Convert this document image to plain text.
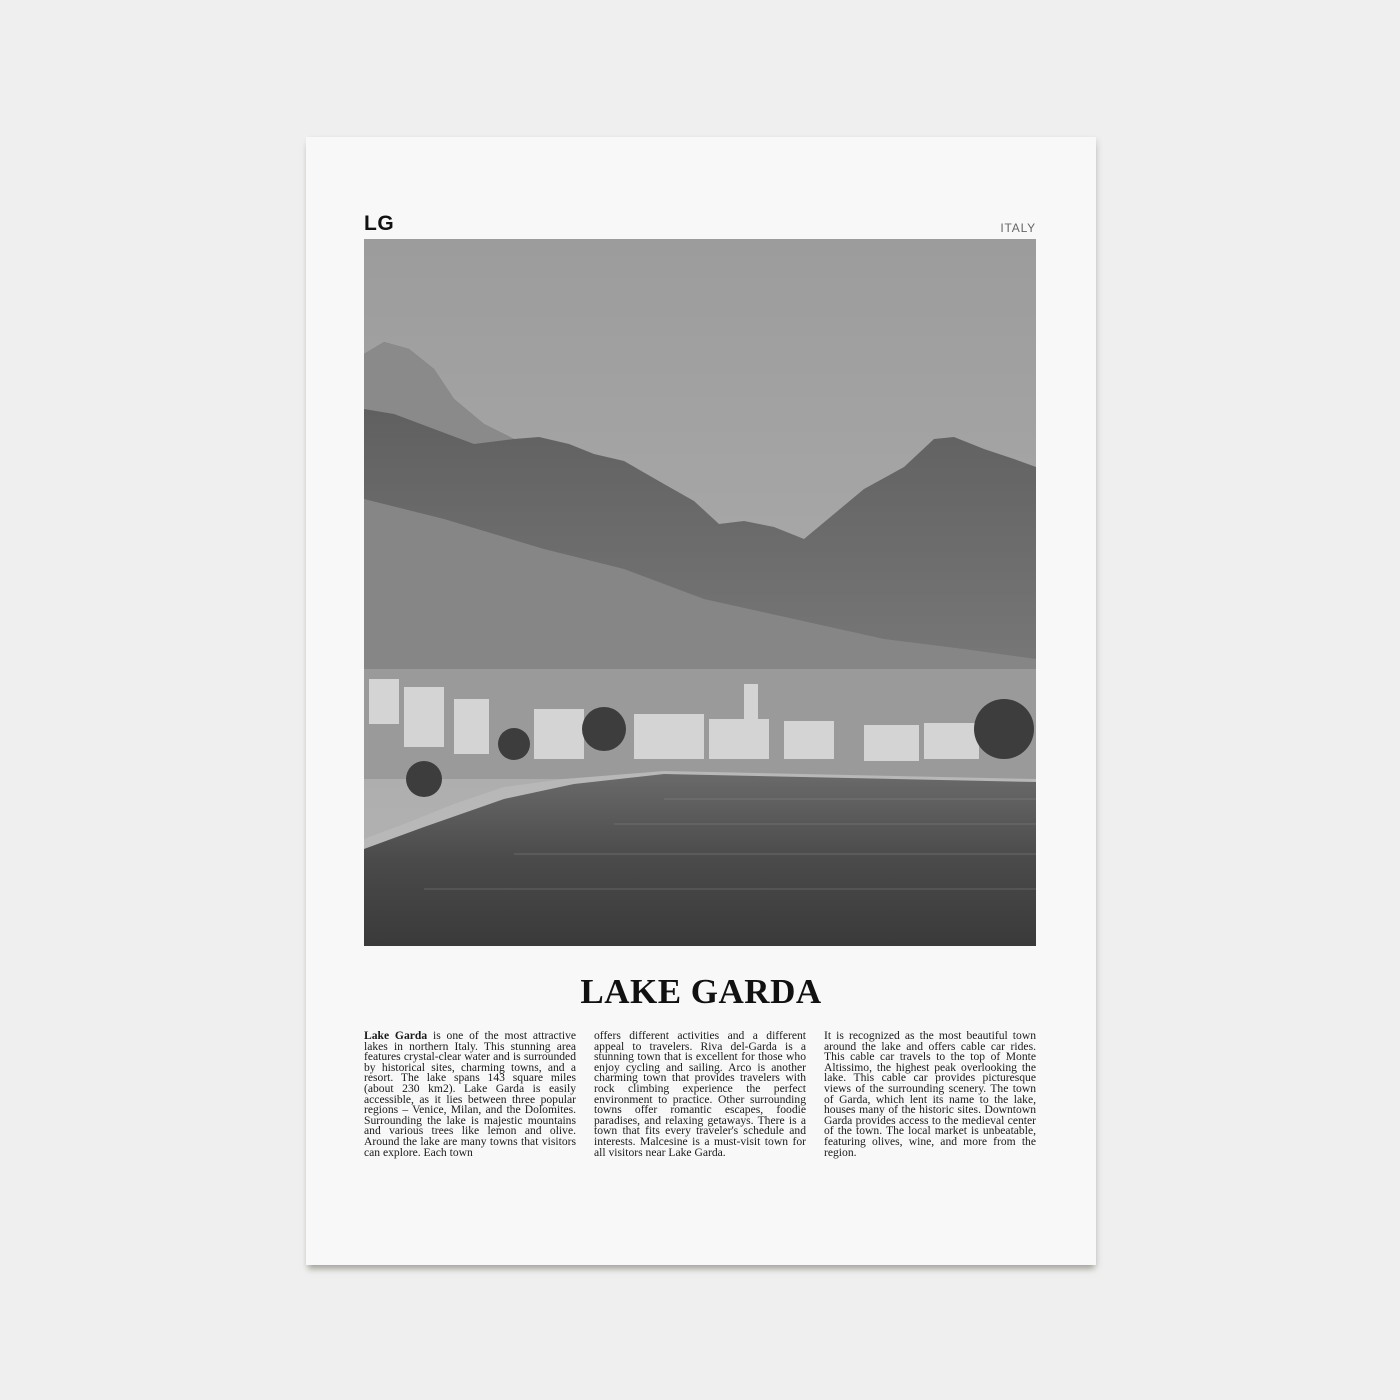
LG	ITALY
LAKE GARDA
Lake Garda is one of the most attractive lakes in northern Italy. This stunning area features crystal-clear water and is surrounded by historical sites, charming towns, and a resort. The lake spans 143 square miles (about 230 km2). Lake Garda is easily accessible, as it lies between three popular regions – Venice, Milan, and the Dolomites. Surrounding the lake is majestic mountains and various trees like lemon and olive. Around the lake are many towns that visitors can explore. Each town
offers different activities and a different appeal to travelers. Riva del-Garda is a stunning town that is excellent for those who enjoy cycling and sailing. Arco is another charming town that provides travelers with rock climbing experience the perfect environment to practice. Other surrounding towns offer romantic escapes, foodie paradises, and relaxing getaways. There is a town that fits every traveler's schedule and interests. Malcesine is a must-visit town for all visitors near Lake Garda.
It is recognized as the most beautiful town around the lake and offers cable car rides. This cable car travels to the top of Monte Altissimo, the highest peak overlooking the lake. This cable car provides picturesque views of the surrounding scenery. The town of Garda, which lent its name to the lake, houses many of the historic sites. Downtown Garda provides access to the medieval center of the town. The local market is unbeatable, featuring olives, wine, and more from the region.
